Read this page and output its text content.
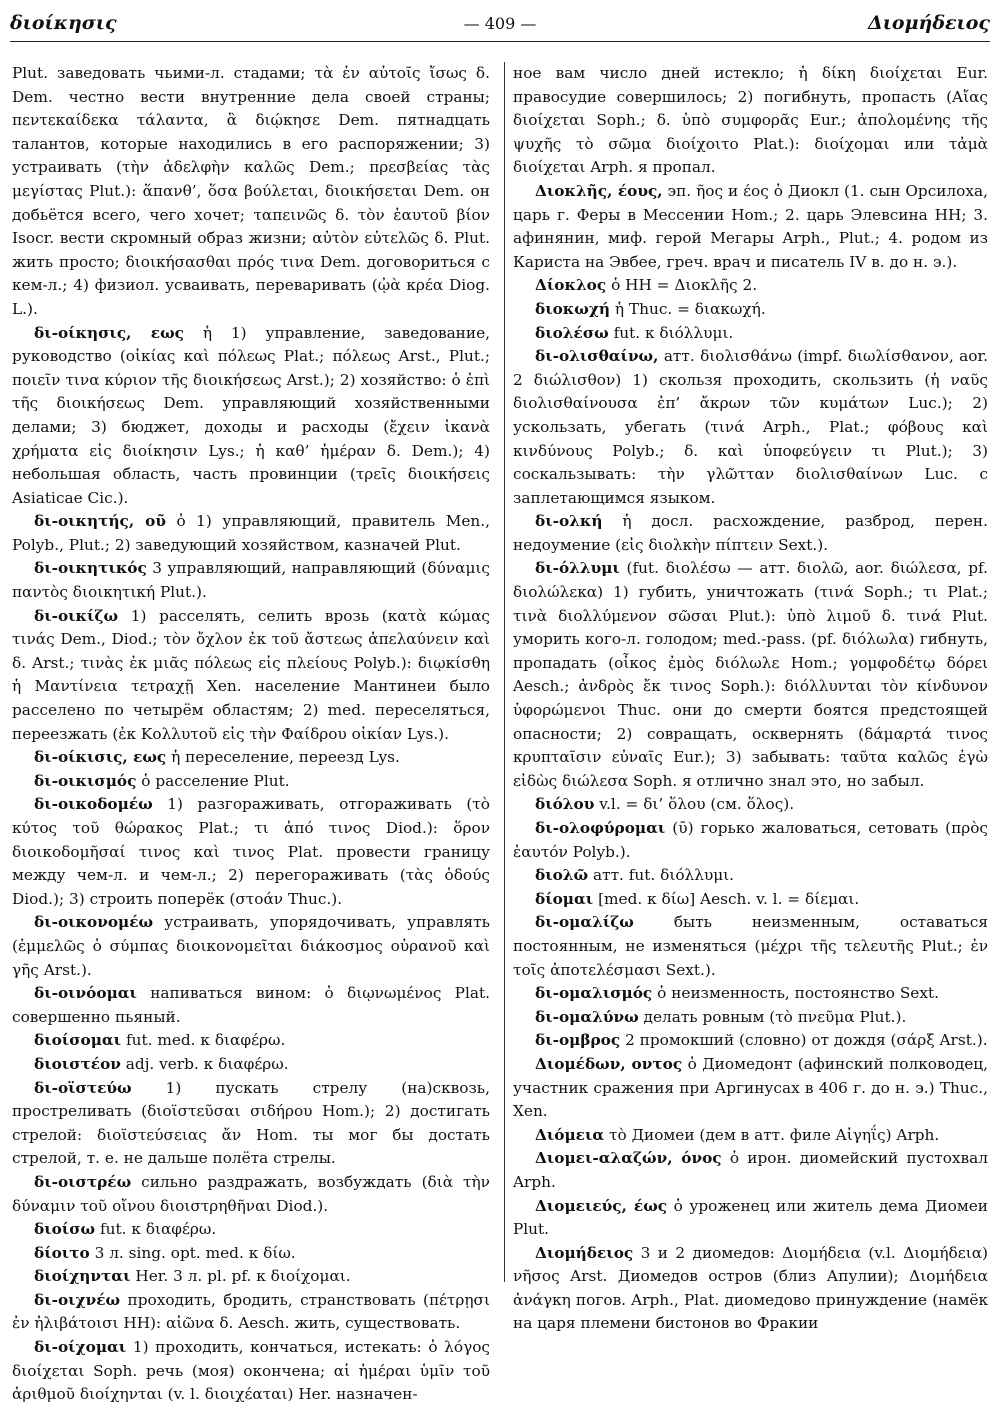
διοίκησις	— 409 —	Διομήδειος

Plut. заведовать чьими-л. стадами; τὰ ἐν αὐτοῖς ἴσως δ. Dem. честно вести внутренние дела своей страны; πεντεκαίδεκα τάλαντα, ἃ διῴκησε Dem. пятнадцать талантов, которые находились в его распоряжении; 3) устраивать (τὴν ἀδελφὴν καλῶς Dem.; πρεσβείας τὰς μεγίστας Plut.): ἅπανθ’, ὅσα βούλεται, διοικήσεται Dem. он добьётся всего, чего хочет; ταπεινῶς δ. τὸν ἑαυτοῦ βίον Isocr. вести скромный образ жизни; αὐτὸν εὐτελῶς δ. Plut. жить просто; διοικήσασθαι πρός τινα Dem. договориться с кем-л.; 4) физиол. усваивать, переваривать (ᾠὰ κρέα Diog. L.).

δι-οίκησις, εως ἡ 1) управление, заведование, руководство (οἰκίας καὶ πόλεως Plat.; πόλεως Arst., Plut.; ποιεῖν τινα κύριον τῆς διοικήσεως Arst.); 2) хозяйство: ὁ ἐπὶ τῆς διοικήσεως Dem. управляющий хозяйственными делами; 3) бюджет, доходы и расходы (ἔχειν ἱκανὰ χρήματα εἰς διοίκησιν Lys.; ἡ καθ’ ἡμέραν δ. Dem.); 4) небольшая область, часть провинции (τρεῖς διοικήσεις Asiaticae Cic.).

δι-οικητής, οῦ ὁ 1) управляющий, правитель Men., Polyb., Plut.; 2) заведующий хозяйством, казначей Plut.

δι-οικητικός 3 управляющий, направляющий (δύναμις παντὸς διοικητική Plut.).

δι-οικίζω 1) расселять, селить врозь (κατὰ κώμας τινάς Dem., Diod.; τὸν ὄχλον ἐκ τοῦ ἄστεως ἀπελαύνειν καὶ δ. Arst.; τινὰς ἐκ μιᾶς πόλεως εἰς πλείους Polyb.): διῳκίσθη ἡ Μαντίνεια τετραχῇ Xen. население Мантинеи было расселено по четырём областям; 2) med. переселяться, переезжать (ἐκ Κολλυτοῦ εἰς τὴν Φαίδρου οἰκίαν Lys.).

δι-οίκισις, εως ἡ переселение, переезд Lys.

δι-οικισμός ὁ расселение Plut.

δι-οικοδομέω 1) разгораживать, отгораживать (τὸ κύτος τοῦ θώρακος Plat.; τι ἀπό τινος Diod.): ὅρον διοικοδομῆσαί τινος καὶ τινος Plat. провести границу между чем-л. и чем-л.; 2) перегораживать (τὰς ὁδούς Diod.); 3) строить поперёк (στοάν Thuc.).

δι-οικονομέω устраивать, упорядочивать, управлять (ἐμμελῶς ὁ σύμπας διοικονομεῖται διάκοσμος οὐρανοῦ καὶ γῆς Arst.).

δι-οινόομαι напиваться вином: ὁ διῳνωμένος Plat. совершенно пьяный.

διοίσομαι fut. med. к διαφέρω.

διοιστέον adj. verb. к διαφέρω.

δι-οϊστεύω 1) пускать стрелу (на)сквозь, простреливать (διοϊστεῦσαι σιδήρου Hom.); 2) достигать стрелой: διοϊστεύσειας ἄν Hom. ты мог бы достать стрелой, т. е. не дальше полёта стрелы.

δι-οιστρέω сильно раздражать, возбуждать (διὰ τὴν δύναμιν τοῦ οἴνου διοιστρηθῆναι Diod.).

διοίσω fut. к διαφέρω.

δίοιτο 3 л. sing. opt. med. к δίω.

διοίχηνται Her. 3 л. pl. pf. к διοίχομαι.

δι-οιχνέω проходить, бродить, странствовать (πέτρῃσι ἐν ἠλιβάτοισι HH): αἰῶνα δ. Aesch. жить, существовать.

δι-οίχομαι 1) проходить, кончаться, истекать: ὁ λόγος διοίχεται Soph. речь (моя) окончена; αἱ ἡμέραι ὑμῖν τοῦ ἀριθμοῦ διοίχηνται (v. l. διοιχέαται) Her. назначен-

ное вам число дней истекло; ἡ δίκη διοίχεται Eur. правосудие совершилось; 2) погибнуть, пропасть (Αἴας διοίχεται Soph.; δ. ὑπὸ συμφορᾶς Eur.; ἀπολομένης τῆς ψυχῆς τὸ σῶμα διοίχοιτο Plat.): διοίχομαι или τἀμὰ διοίχεται Arph. я пропал.

Διοκλῆς, έους, эп. ῆος и έος ὁ Диокл (1. сын Орсилоха, царь г. Феры в Мессении Hom.; 2. царь Элевсина HH; 3. афинянин, миф. герой Мегары Arph., Plut.; 4. родом из Кариста на Эвбее, греч. врач и писатель IV в. до н. э.).

Δίοκλος ὁ HH = Διοκλῆς 2.

διοκωχή ἡ Thuc. = διακωχή.

διολέσω fut. к διόλλυμι.

δι-ολισθαίνω, атт. διολισθάνω (impf. διωλίσθανον, aor. 2 διώλισθον) 1) скользя проходить, скользить (ἡ ναῦς διολισθαίνουσα ἐπ’ ἄκρων τῶν κυμάτων Luc.); 2) ускользать, убегать (τινά Arph., Plat.; φόβους καὶ κινδύνους Polyb.; δ. καὶ ὑποφεύγειν τι Plut.); 3) соскальзывать: τὴν γλῶτταν διολισθαίνων Luc. с заплетающимся языком.

δι-ολκή ἡ досл. расхождение, разброд, перен. недоумение (εἰς διολκὴν πίπτειν Sext.).

δι-όλλυμι (fut. διολέσω — атт. διολῶ, aor. διώλεσα, pf. διολώλεκα) 1) губить, уничтожать (τινά Soph.; τι Plat.; τινὰ διολλύμενον σῶσαι Plut.): ὑπὸ λιμοῦ δ. τινά Plut. уморить кого-л. голодом; med.-pass. (pf. διόλωλα) гибнуть, пропадать (οἶκος ἐμὸς διόλωλε Hom.; γομφοδέτῳ δόρει Aesch.; ἀνδρὸς ἔκ τινος Soph.): διόλλυνται τὸν κίνδυνον ὑφορώμενοι Thuc. они до смерти боятся предстоящей опасности; 2) совращать, осквернять (δάμαρτά τινος κρυπταῖσιν εὐναῖς Eur.); 3) забывать: ταῦτα καλῶς ἐγὼ εἰδὼς διώλεσα Soph. я отлично знал это, но забыл.

διόλου v.l. = δι’ ὅλου (см. ὅλος).

δι-ολοφύρομαι (ῡ) горько жаловаться, сетовать (πρὸς ἑαυτόν Polyb.).

διολῶ атт. fut. διόλλυμι.

δίομαι [med. к δίω] Aesch. v. l. = δίεμαι.

δι-ομαλίζω	быть неизменным, оставаться постоянным, не изменяться (μέχρι τῆς τελευτῆς Plut.; ἐν τοῖς ἀποτελέσμασι Sext.).

δι-ομαλισμός ὁ неизменность, постоянство Sext.

δι-ομαλύνω делать ровным (τὸ πνεῦμα Plut.).

δι-ομβρος 2 промокший (словно) от дождя (σάρξ Arst.).

Διομέδων, οντος ὁ Диомедонт (афинский полководец, участник сражения при Аргинусах в 406 г. до н. э.) Thuc., Xen.

Διόμεια τὸ Диомеи (дем в атт. филе Αἰγηΐς) Arph.

Διομει-αλαζών, όνος ὁ ирон. диомейский пустохвал Arph.

Διομειεύς, έως ὁ уроженец или житель дема Диомеи Plut.

Διομήδειος 3 и 2 диомедов: Διομήδεια (v.l. Διομήδεια) νῆσος Arst. Диомедов остров (близ Апулии); Διομήδεια ἀνάγκη погов. Arph., Plat. диомедово принуждение (намёк на царя племени бистонов во Фракии
